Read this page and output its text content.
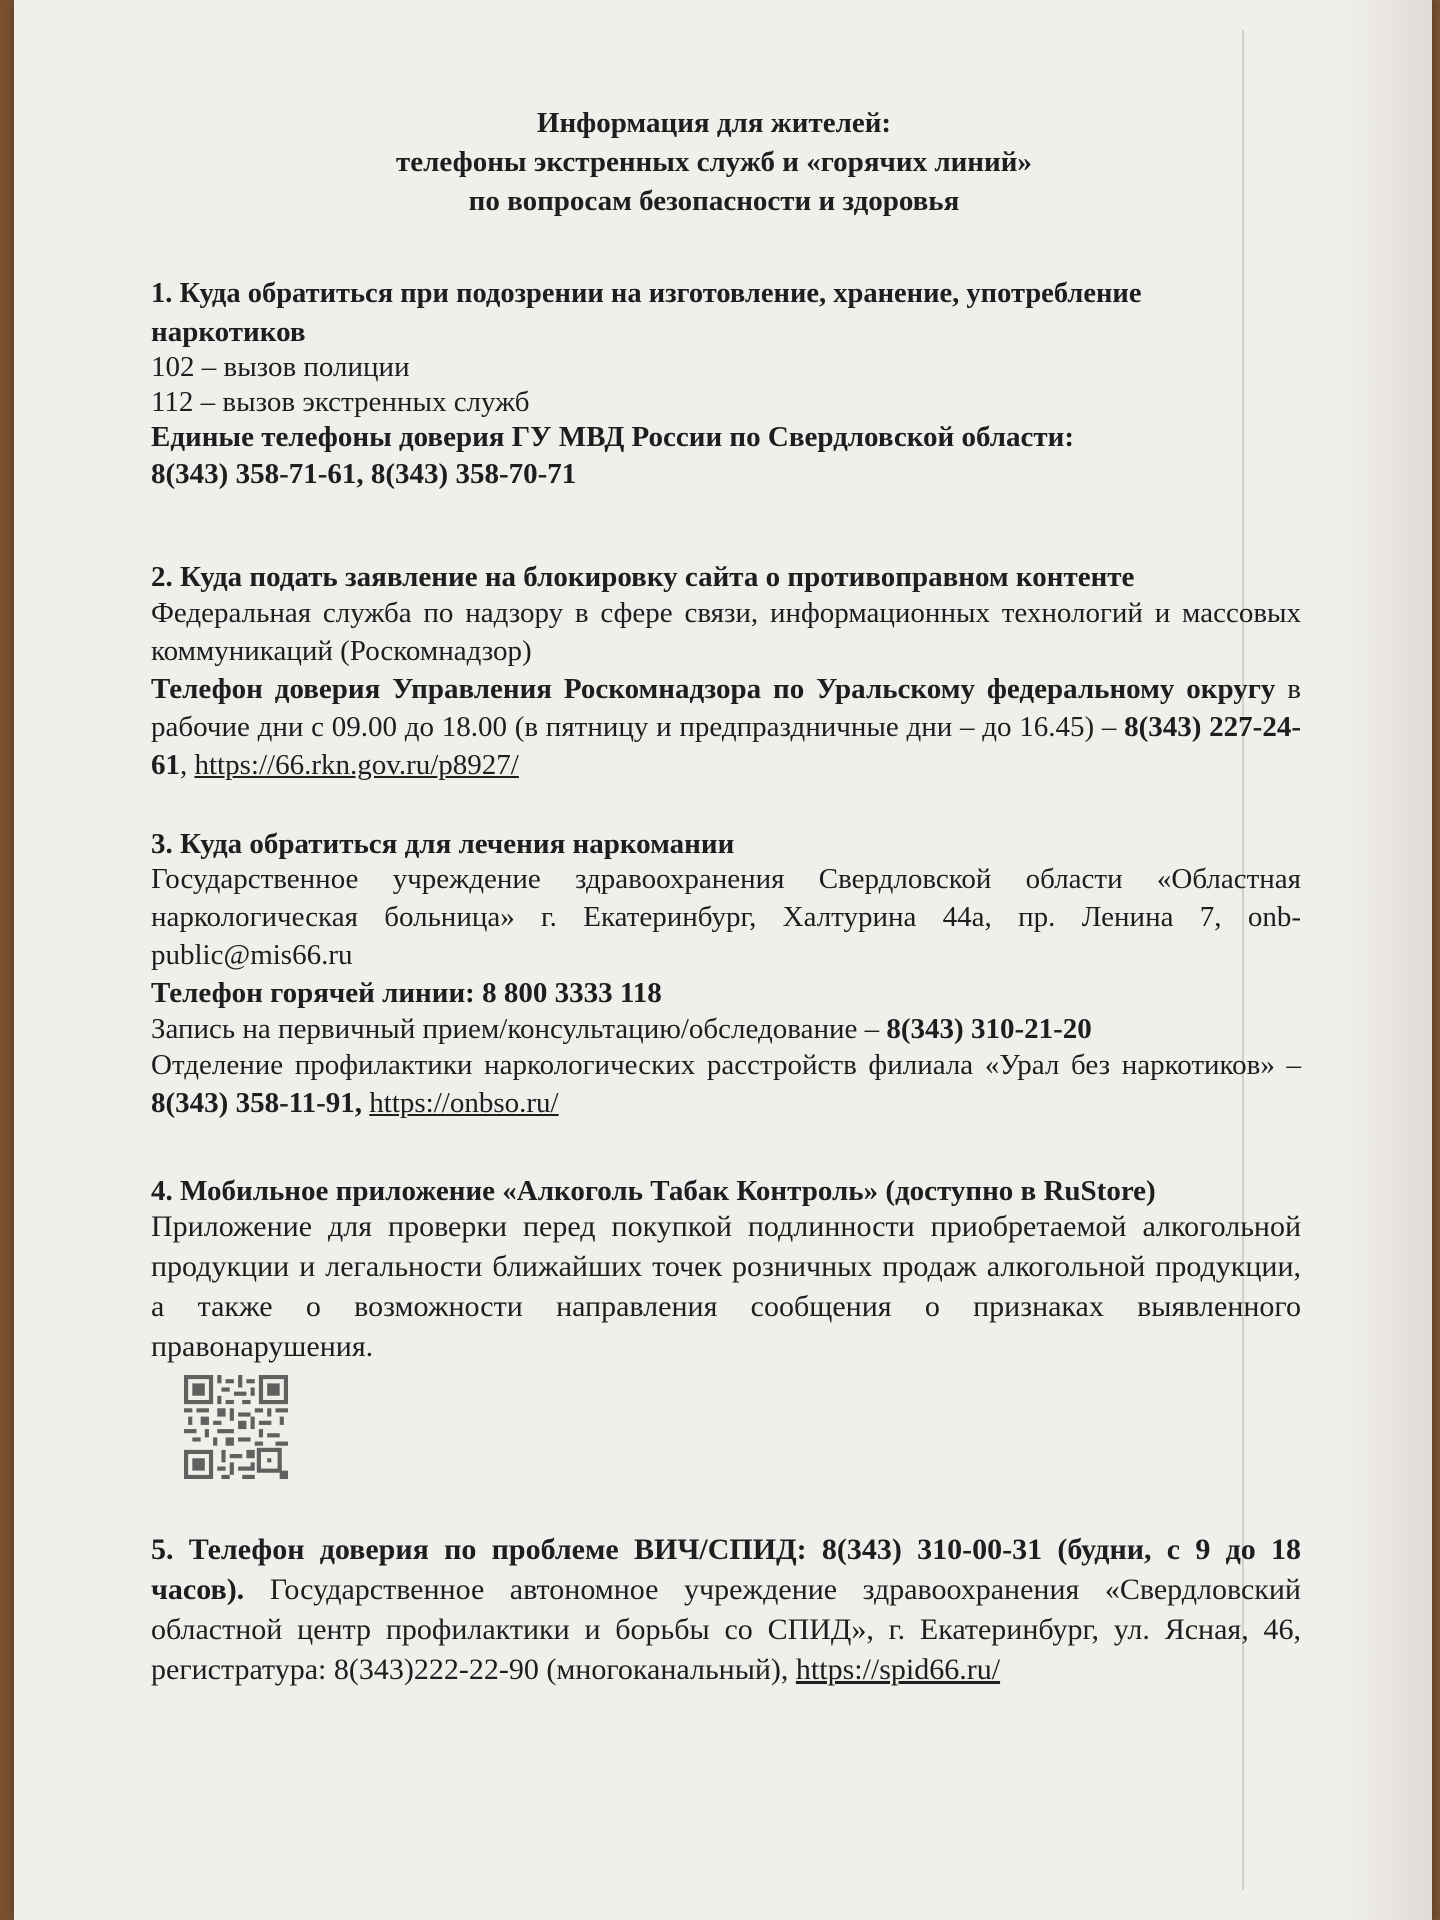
Информация для жителей:
телефоны экстренных служб и «горячих линий»
по вопросам безопасности и здоровья
1. Куда обратиться при подозрении на изготовление, хранение, употребление
наркотиков
102 – вызов полиции
112 – вызов экстренных служб
Единые телефоны доверия ГУ МВД России по Свердловской области:
8(343) 358-71-61, 8(343) 358-70-71
2. Куда подать заявление на блокировку сайта о противоправном контенте
Федеральная служба по надзору в сфере связи, информационных технологий и массовых коммуникаций (Роскомнадзор)
Телефон доверия Управления Роскомнадзора по Уральскому федеральному округу в рабочие дни с 09.00 до 18.00 (в пятницу и предпраздничные дни – до 16.45) – 8(343) 227-24-61, https://66.rkn.gov.ru/p8927/
3. Куда обратиться для лечения наркомании
Государственное учреждение здравоохранения Свердловской области «Областная наркологическая больница» г. Екатеринбург, Халтурина 44а, пр. Ленина 7, onb-public@mis66.ru
Телефон горячей линии: 8 800 3333 118
Запись на первичный прием/консультацию/обследование – 8(343) 310-21-20
Отделение профилактики наркологических расстройств филиала «Урал без наркотиков» – 8(343) 358-11-91, https://onbso.ru/
4. Мобильное приложение «Алкоголь Табак Контроль» (доступно в RuStore)
Приложение для проверки перед покупкой подлинности приобретаемой алкогольной продукции и легальности ближайших точек розничных продаж алкогольной продукции, а также о возможности направления сообщения о признаках выявленного правонарушения.
5. Телефон доверия по проблеме ВИЧ/СПИД: 8(343) 310-00-31 (будни, с 9 до 18 часов). Государственное автономное учреждение здравоохранения «Свердловский областной центр профилактики и борьбы со СПИД», г. Екатеринбург, ул. Ясная, 46, регистратура: 8(343)222-22-90 (многоканальный), https://spid66.ru/
